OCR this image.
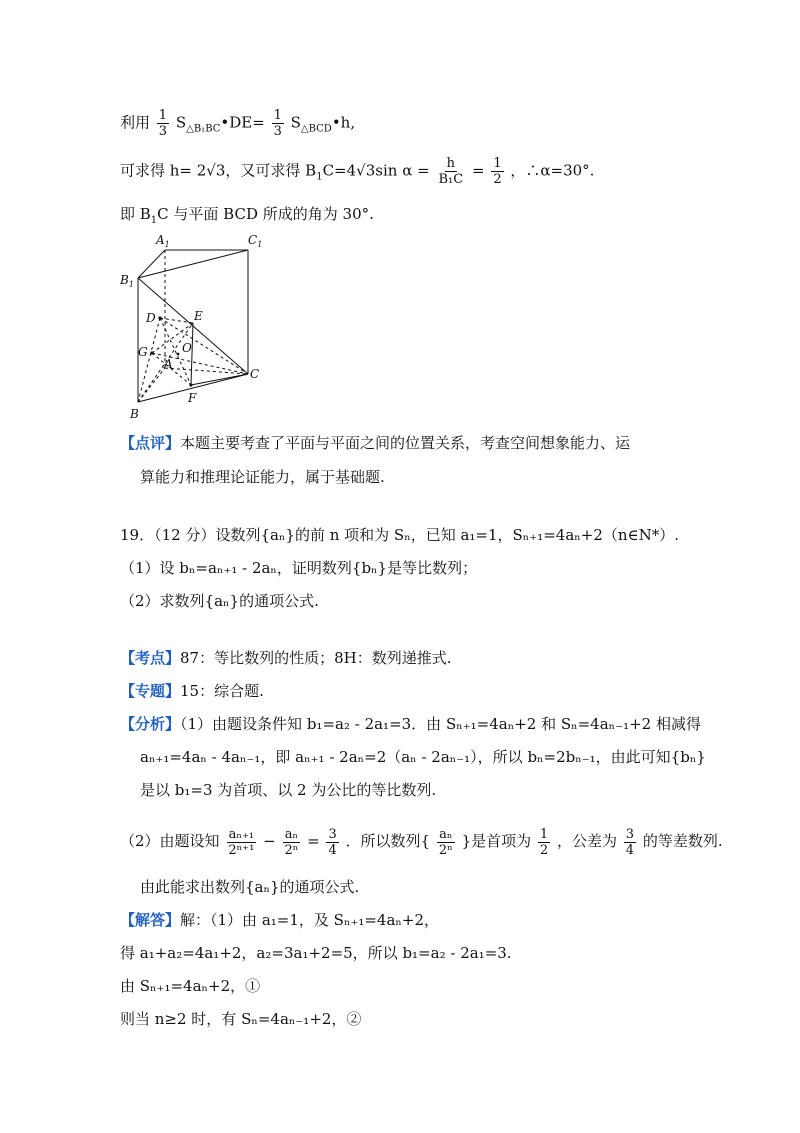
利用 $\frac{1}{3}$ $S_{\triangle B_1BC}•DE= \frac{1}{3}$ $S_{\triangle BCD}•h$,
可求得 h= 2√3，又可求得 $B_1C=4√3\sin$ $\alpha = \frac{h}{\text{B₁C}} = \frac{1}{2}$ ，∴α=30°.
即 $B_1C$ 与平面 BCD 所成的角为 30°.
$A_1$	$C_1$
$B_1$
D	E
G	O
A
C
F
B
【点评】本题主要考查了平面与平面之间的位置关系，考查空间想象能力、运
算能力和推理论证能力，属于基础题.
19．（12 分）设数列{aₙ}的前 n 项和为 Sₙ，已知 a₁=1，Sₙ₊₁=4aₙ+2（n∈N*）.
（1）设 bₙ=aₙ₊₁ - 2aₙ，证明数列{bₙ}是等比数列；
（2）求数列{aₙ}的通项公式.
【考点】87：等比数列的性质；8H：数列递推式.
【专题】15：综合题.
【分析】（1）由题设条件知 b₁=a₂ - 2a₁=3．由 Sₙ₊₁=4aₙ+2 和 Sₙ=4aₙ₋₁+2 相减得
aₙ₊₁=4aₙ - 4aₙ₋₁，即 aₙ₊₁ - 2aₙ=2（aₙ - 2aₙ₋₁），所以 bₙ=2bₙ₋₁，由此可知{bₙ}
是以 b₁=3 为首项、以 2 为公比的等比数列.
（2）由题设知 $\frac{\text{aₙ₊₁}}{\text{2ⁿ⁺¹}} - \frac{\text{aₙ}}{\text{2ⁿ}} = \frac{3}{4}$ ．所以数列{ $\frac{\text{aₙ}}{\text{2ⁿ}}$ }是首项为 $\frac{1}{2}$ ，公差为 $\frac{3}{4}$ 的等差数列.
由此能求出数列{aₙ}的通项公式.
【解答】解：（1）由 a₁=1，及 Sₙ₊₁=4aₙ+2，
得 a₁+a₂=4a₁+2，a₂=3a₁+2=5，所以 b₁=a₂ - 2a₁=3.
由 Sₙ₊₁=4aₙ+2，①
则当 n≥2 时，有 Sₙ=4aₙ₋₁+2，②
